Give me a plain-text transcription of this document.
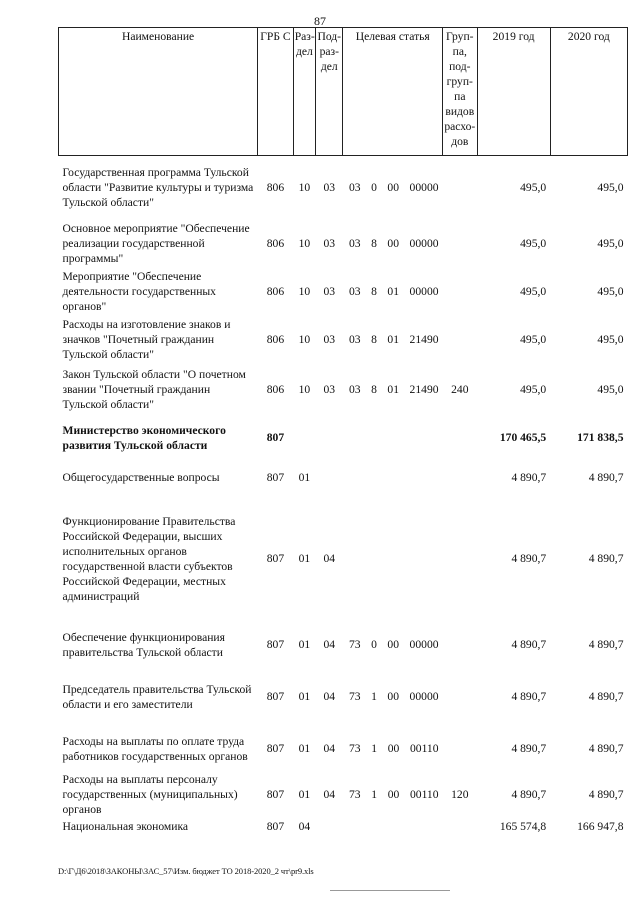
87
Наименование	ГРБ С	Раз- дел	Под- раз- дел	Целевая статья	Груп- па, под- груп- па видов расхо- дов	2019 год	2020 год
Государственная программа Тульской области "Развитие культуры и туризма Тульской области"	806	10	03	03 0 00 00000		495,0	495,0
Основное мероприятие "Обеспечение реализации государственной программы"	806	10	03	03 8 00 00000		495,0	495,0
Мероприятие "Обеспечение деятельности государственных органов"	806	10	03	03 8 01 00000		495,0	495,0
Расходы на изготовление знаков и значков "Почетный гражданин Тульской области"	806	10	03	03 8 01 21490		495,0	495,0
Закон Тульской области "О почетном звании "Почетный гражданин Тульской области"	806	10	03	03 8 01 21490	240	495,0	495,0
Министерство экономического развития Тульской области	807					170 465,5	171 838,5
Общегосударственные вопросы	807	01				4 890,7	4 890,7
Функционирование Правительства Российской Федерации, высших исполнительных органов государственной власти субъектов Российской Федерации, местных администраций	807	01	04			4 890,7	4 890,7
Обеспечение функционирования правительства Тульской области	807	01	04	73 0 00 00000		4 890,7	4 890,7
Председатель правительства Тульской области и его заместители	807	01	04	73 1 00 00000		4 890,7	4 890,7
Расходы на выплаты по оплате труда работников государственных органов	807	01	04	73 1 00 00110		4 890,7	4 890,7
Расходы на выплаты персоналу государственных (муниципальных) органов	807	01	04	73 1 00 00110	120	4 890,7	4 890,7
Национальная экономика	807	04				165 574,8	166 947,8
D:\Г\Д6\2018\ЗАКОНЫ\ЗАС_57\Изм. бюджет ТО 2018-2020_2 чт\pr9.xls
